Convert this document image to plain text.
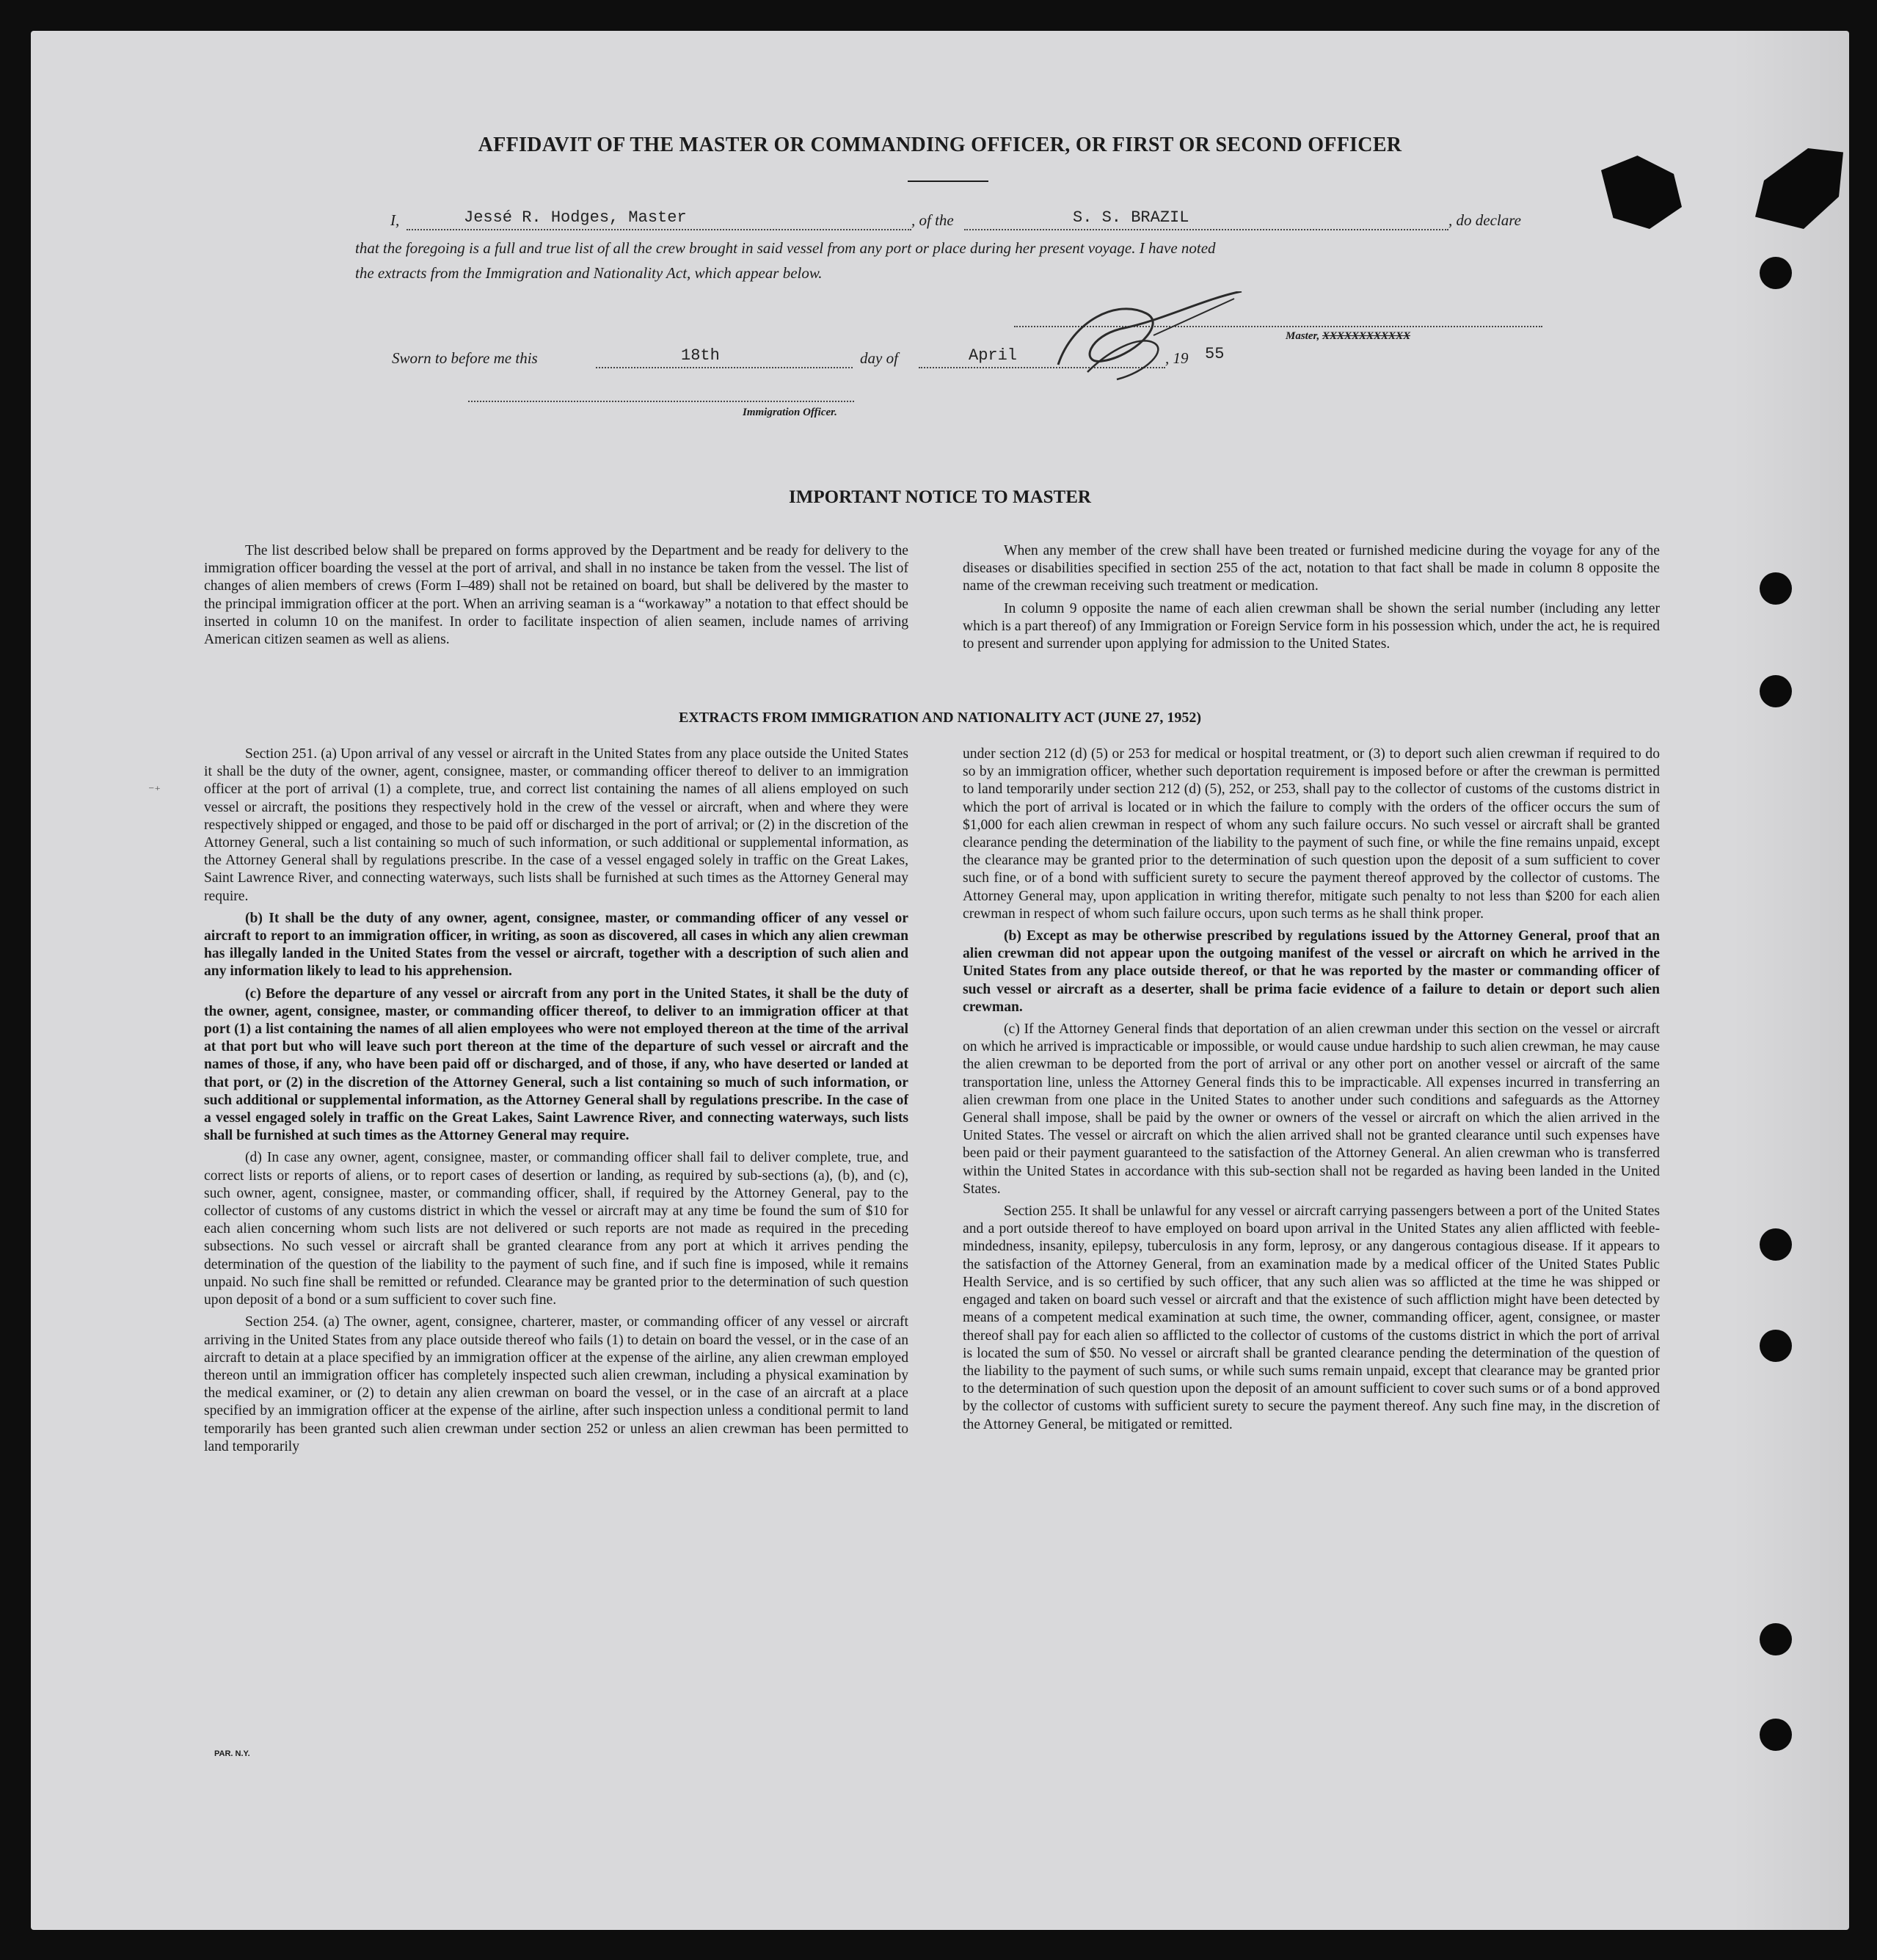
AFFIDAVIT OF THE MASTER OR COMMANDING OFFICER, OR FIRST OR SECOND OFFICER
I,	Jessé R. Hodges, Master	, of the	S. S. BRAZIL	, do declare
that the foregoing is a full and true list of all the crew brought in said vessel from any port or place during her present voyage. I have noted
the extracts from the Immigration and Nationality Act, which appear below.
Master, XXXXXXXXXXXX
Sworn to before me this	18th	day of	April	, 19 55
Immigration Officer.
IMPORTANT NOTICE TO MASTER

The list described below shall be prepared on forms approved by the Department and be ready for delivery to the immigration officer boarding the vessel at the port of arrival, and shall in no instance be taken from the vessel. The list of changes of alien members of crews (Form I–489) shall not be retained on board, but shall be delivered by the master to the principal immigration officer at the port. When an arriving seaman is a “workaway” a notation to that effect should be inserted in column 10 on the manifest. In order to facilitate inspection of alien seamen, include names of arriving American citizen seamen as well as aliens.

When any member of the crew shall have been treated or furnished medicine during the voyage for any of the diseases or disabilities specified in section 255 of the act, notation to that fact shall be made in column 8 opposite the name of the crewman receiving such treatment or medication.

In column 9 opposite the name of each alien crewman shall be shown the serial number (including any letter which is a part thereof) of any Immigration or Foreign Service form in his possession which, under the act, he is required to present and surrender upon applying for admission to the United States.

EXTRACTS FROM IMMIGRATION AND NATIONALITY ACT (JUNE 27, 1952)
⁻⁺

Section 251. (a) Upon arrival of any vessel or aircraft in the United States from any place outside the United States it shall be the duty of the owner, agent, consignee, master, or commanding officer thereof to deliver to an immigration officer at the port of arrival (1) a complete, true, and correct list containing the names of all aliens employed on such vessel or aircraft, the positions they respectively hold in the crew of the vessel or aircraft, when and where they were respectively shipped or engaged, and those to be paid off or discharged in the port of arrival; or (2) in the discretion of the Attorney General, such a list containing so much of such information, or such additional or supplemental information, as the Attorney General shall by regulations prescribe. In the case of a vessel engaged solely in traffic on the Great Lakes, Saint Lawrence River, and connecting waterways, such lists shall be furnished at such times as the Attorney General may require.

(b) It shall be the duty of any owner, agent, consignee, master, or commanding officer of any vessel or aircraft to report to an immigration officer, in writing, as soon as discovered, all cases in which any alien crewman has illegally landed in the United States from the vessel or aircraft, together with a description of such alien and any information likely to lead to his apprehension.

(c) Before the departure of any vessel or aircraft from any port in the United States, it shall be the duty of the owner, agent, consignee, master, or commanding officer thereof, to deliver to an immigration officer at that port (1) a list containing the names of all alien employees who were not employed thereon at the time of the arrival at that port but who will leave such port thereon at the time of the departure of such vessel or aircraft and the names of those, if any, who have been paid off or discharged, and of those, if any, who have deserted or landed at that port, or (2) in the discretion of the Attorney General, such a list containing so much of such information, or such additional or supplemental information, as the Attorney General shall by regulations prescribe. In the case of a vessel engaged solely in traffic on the Great Lakes, Saint Lawrence River, and connecting waterways, such lists shall be furnished at such times as the Attorney General may require.

(d) In case any owner, agent, consignee, master, or commanding officer shall fail to deliver complete, true, and correct lists or reports of aliens, or to report cases of desertion or landing, as required by sub-sections (a), (b), and (c), such owner, agent, consignee, master, or commanding officer, shall, if required by the Attorney General, pay to the collector of customs of any customs district in which the vessel or aircraft may at any time be found the sum of $10 for each alien concerning whom such lists are not delivered or such reports are not made as required in the preceding subsections. No such vessel or aircraft shall be granted clearance from any port at which it arrives pending the determination of the question of the liability to the payment of such fine, and if such fine is imposed, while it remains unpaid. No such fine shall be remitted or refunded. Clearance may be granted prior to the determination of such question upon deposit of a bond or a sum sufficient to cover such fine.

Section 254. (a) The owner, agent, consignee, charterer, master, or commanding officer of any vessel or aircraft arriving in the United States from any place outside thereof who fails (1) to detain on board the vessel, or in the case of an aircraft to detain at a place specified by an immigration officer at the expense of the airline, any alien crewman employed thereon until an immigration officer has completely inspected such alien crewman, including a physical examination by the medical examiner, or (2) to detain any alien crewman on board the vessel, or in the case of an aircraft at a place specified by an immigration officer at the expense of the airline, after such inspection unless a conditional permit to land temporarily has been granted such alien crewman under section 252 or unless an alien crewman has been permitted to land temporarily

under section 212 (d) (5) or 253 for medical or hospital treatment, or (3) to deport such alien crewman if required to do so by an immigration officer, whether such deportation requirement is imposed before or after the crewman is permitted to land temporarily under section 212 (d) (5), 252, or 253, shall pay to the collector of customs of the customs district in which the port of arrival is located or in which the failure to comply with the orders of the officer occurs the sum of $1,000 for each alien crewman in respect of whom any such failure occurs. No such vessel or aircraft shall be granted clearance pending the determination of the liability to the payment of such fine, or while the fine remains unpaid, except the clearance may be granted prior to the determination of such question upon the deposit of a sum sufficient to cover such fine, or of a bond with sufficient surety to secure the payment thereof approved by the collector of customs. The Attorney General may, upon application in writing therefor, mitigate such penalty to not less than $200 for each alien crewman in respect of whom such failure occurs, upon such terms as he shall think proper.

(b) Except as may be otherwise prescribed by regulations issued by the Attorney General, proof that an alien crewman did not appear upon the outgoing manifest of the vessel or aircraft on which he arrived in the United States from any place outside thereof, or that he was reported by the master or commanding officer of such vessel or aircraft as a deserter, shall be prima facie evidence of a failure to detain or deport such alien crewman.

(c) If the Attorney General finds that deportation of an alien crewman under this section on the vessel or aircraft on which he arrived is impracticable or impossible, or would cause undue hardship to such alien crewman, he may cause the alien crewman to be deported from the port of arrival or any other port on another vessel or aircraft of the same transportation line, unless the Attorney General finds this to be impracticable. All expenses incurred in transferring an alien crewman from one place in the United States to another under such conditions and safeguards as the Attorney General shall impose, shall be paid by the owner or owners of the vessel or aircraft on which the alien arrived in the United States. The vessel or aircraft on which the alien arrived shall not be granted clearance until such expenses have been paid or their payment guaranteed to the satisfaction of the Attorney General. An alien crewman who is transferred within the United States in accordance with this sub-section shall not be regarded as having been landed in the United States.

Section 255. It shall be unlawful for any vessel or aircraft carrying passengers between a port of the United States and a port outside thereof to have employed on board upon arrival in the United States any alien afflicted with feeble-mindedness, insanity, epilepsy, tuberculosis in any form, leprosy, or any dangerous contagious disease. If it appears to the satisfaction of the Attorney General, from an examination made by a medical officer of the United States Public Health Service, and is so certified by such officer, that any such alien was so afflicted at the time he was shipped or engaged and taken on board such vessel or aircraft and that the existence of such affliction might have been detected by means of a competent medical examination at such time, the owner, commanding officer, agent, consignee, or master thereof shall pay for each alien so afflicted to the collector of customs of the customs district in which the port of arrival is located the sum of $50. No vessel or aircraft shall be granted clearance pending the determination of the question of the liability to the payment of such sums, or while such sums remain unpaid, except that clearance may be granted prior to the determination of such question upon the deposit of an amount sufficient to cover such sums or of a bond approved by the collector of customs with sufficient surety to secure the payment thereof. Any such fine may, in the discretion of the Attorney General, be mitigated or remitted.

PAR. N.Y.
